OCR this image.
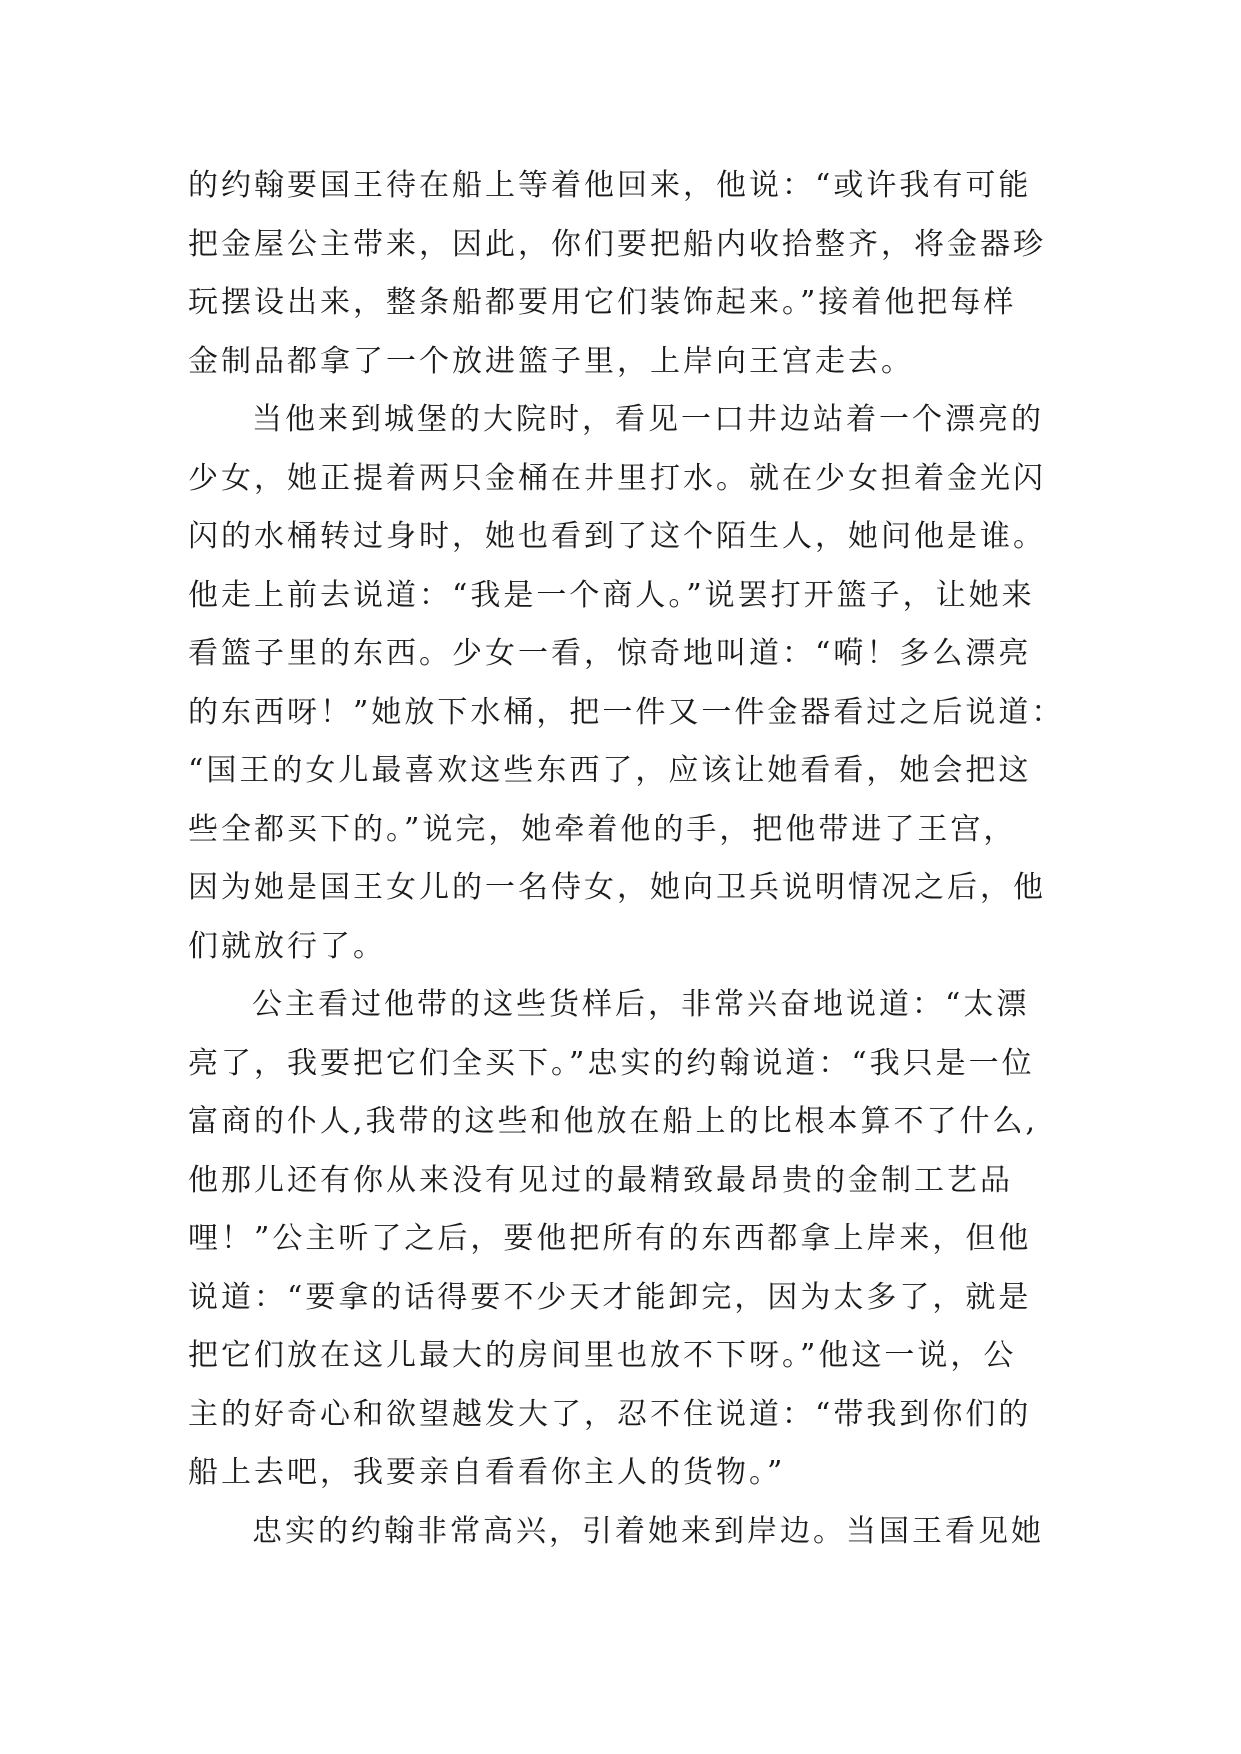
的约翰要国王待在船上等着他回来，他说：“或许我有可能
把金屋公主带来，因此，你们要把船内收拾整齐，将金器珍
玩摆设出来，整条船都要用它们装饰起来。”接着他把每样
金制品都拿了一个放进篮子里，上岸向王宫走去。
当他来到城堡的大院时，看见一口井边站着一个漂亮的
少女，她正提着两只金桶在井里打水。就在少女担着金光闪
闪的水桶转过身时，她也看到了这个陌生人，她问他是谁。
他走上前去说道：“我是一个商人。”说罢打开篮子，让她来
看篮子里的东西。少女一看，惊奇地叫道：“嗬！多么漂亮
的东西呀！”她放下水桶，把一件又一件金器看过之后说道：
“国王的女儿最喜欢这些东西了，应该让她看看，她会把这
些全都买下的。”说完，她牵着他的手，把他带进了王宫，
因为她是国王女儿的一名侍女，她向卫兵说明情况之后，他
们就放行了。
公主看过他带的这些货样后，非常兴奋地说道：“太漂
亮了，我要把它们全买下。”忠实的约翰说道：“我只是一位
富商的仆人,我带的这些和他放在船上的比根本算不了什么,
他那儿还有你从来没有见过的最精致最昂贵的金制工艺品
哩！”公主听了之后，要他把所有的东西都拿上岸来，但他
说道：“要拿的话得要不少天才能卸完，因为太多了，就是
把它们放在这儿最大的房间里也放不下呀。”他这一说，公
主的好奇心和欲望越发大了，忍不住说道：“带我到你们的
船上去吧，我要亲自看看你主人的货物。”
忠实的约翰非常高兴，引着她来到岸边。当国王看见她
